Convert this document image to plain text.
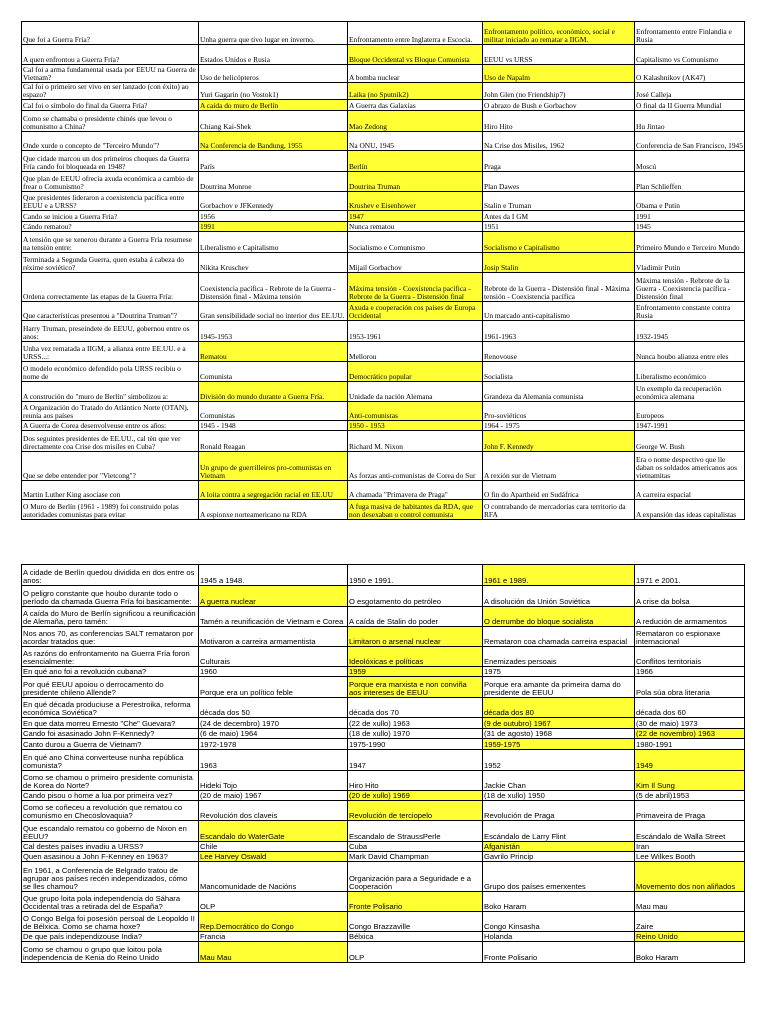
Que foi a Guerra Fría?	Unha guerra que tivo lugar en inverno.	Enfrontamento entre Inglaterra e Escocia.	Enfrontamento político, económico, social e militar iniciado ao rematar a IIGM.	Enfrontamento entre Finlandia e Rusia
A quen enfrontou a Guerra Fría?	Estados Unidos e Rusia	Bloque Occidental vs Bloque Comunista	EEUU vs URSS	Capitalismo vs Comunismo
Cal foi a arma fundamental usada por EEUU na Guerra de Vietnam?	Uso de helicópteros	A bomba nuclear	Uso de Napalm	O Kalashnikov (AK47)
Cal foi o primeiro ser vivo en ser lanzado (con éxito) ao espazo?	Yuri Gagarin (no Vostok1)	Laika (no Sputnik2)	John Glen (no Friendship7)	José Calleja
Cal foi o símbolo do final da Guerra Fría?	A caída do muro de Berlín	A Guerra das Galaxias	O abrazo de Bush e Gorbachov	O final da II Guerra Mundial
Como se chamaba o presidente chinés que levou o comunismo a China?	Chiang Kai-Shek	Mao Zedong	Hiro Hito	Hu Jintao
Onde xurde o concepto de "Terceiro Mundo"?	Na Conferencia de Bandung, 1955	Na ONU, 1945	Na Crise dos Misiles, 1962	Conferencia de San Francisco, 1945
Que cidade marcou un dos primeiros choques da Guerra Fría cando foi bloqueada en 1948?	París	Berlín	Praga	Moscú
Que plan de EEUU ofrecía axuda económica a cambio de frear o Comunismo?	Doutrina Monroe	Doutrina Truman	Plan Dawes	Plan Schlieffen
Que presidentes lideraron a coexistencia pacífica entre EEUU e a URSS?	Gorbachov e JFKennedy	Krushev e Eisenhower	Stalin e Truman	Obama e Putin
Cando se iniciou a Guerra Fría?	1956	1947	Antes da I GM	1991
Cándo rematou?	1991	Nunca rematou	1951	1945
A tensión que se xenerou durante a Guerra Fría resumese na tensión entre:	Liberalismo e Capitalismo	Socialismo e Comunismo	Socialismo e Capitalismo	Primeiro Mundo e Terceiro Mundo
Terminada a Segunda Guerra, quen estaba á cabeza do réxime soviético?	Nikita Kruschev	Mijail Gorbachov	Josip Stalin	Vladimir Putin
Ordena correctamente las etapas de la Guerra Fría:	Coexistencia pacífica - Rebrote de la Guerra - Distensión final - Máxima tensión	Máxima tensión - Coexistencia pacífica - Rebrote de la Guerra - Distensión final	Rebrote de la Guerra - Distensión final - Máxima tensión - Coexistencia pacífica	Máxima tensión - Rebrote de la Guerra - Coexistencia pacífica - Distensión final
Que características presentou a "Doutrina Truman"?	Gran sensibilidade social no interior dos EE.UU.	Axuda e cooperación cos países de Europa Occidental	Un marcado anti-capitalismo	Enfrontamento constante contra Rusia
Harry Truman, preseindete de EEUU, gobernou entre os anos:	1945-1953	1953-1961	1961-1963	1932-1945
Unha vez rematada a IIGM, a alianza entre EE.UU. e a URSS...:	Rematou	Mellorou	Renovouse	Nunca houbo alianza entre eles
O modelo económico defendido pola URSS recibiu o nome de	Comunista	Democrático popular	Socialista	Liberalismo económico
A construción do "muro de Berlín" simbolizou a:	División do mundo durante a Guerra Fría.	Unidade da nación Alemana	Grandeza da Alemania comunista	Un exemplo da recuperación económica alemana
A Organización do Tratado do Atlántico Norte (OTAN), reunía aos países	Comunistas	Anti-comunistas	Pro-soviéticos	Europeos
A Guerra de Corea desenvolveuse entre os años:	1945 - 1948	1950 - 1953	1964 - 1975	1947-1991
Dos seguintes presidentes de EE.UU., cal tèn que ver directamente coa Crise dos misiles en Cuba?	Ronald Reagan	Richard M. Nixon	John F. Kennedy	George W. Bush
Que se debe entender por "Vietcong"?	Un grupo de guerrilleiros pro-comunistas en Vietnam	As forzas anti-comunistas de Corea do Sur	A rexión sur de Vietnam	Era o nome despectivo que lle daban os soldados americanos aos vietnamitas
Martin Luther King asociase con	A loita contra a segregación racial en EE.UU	A chamada "Primavera de Praga"	O fin do Apartheid en Sudáfrica	A carreira espacial
O Muro de Berlín (1961 - 1989) foi construido polas autoridades comunistas para evitar	A espionxe norteamericano na RDA	A fuga masiva de habitantes da RDA, que non desexaban o control comunista	O contrabando de mercadorías cara territorio da RFA	A expansión das ideas capitalistas
A cidade de Berlín quedou dividida en dos entre os anos:	1945 a 1948.	1950 e 1991.	1961 e 1989.	1971 e 2001.
O peligro constante que houbo durante todo o período da chamada Guerra Fría foi basicamente:	A guerra nuclear	O esgotamento do petróleo	A disolución da Unión Soviética	A crise da bolsa
A caída do Muro de Berlín significou a reunificación de Alemaña, pero tamén:	Tamén a reunificación de Vietnam e Corea	A caída de Stalin do poder	O derrumbe do bloque socialista	A redución de armamentos
Nos anos 70, as conferencias SALT remataron por acordar tratados que:	Motivaron a carreira armamentista	Limitaron o arsenal nuclear	Remataron coa chamada carreira espacial	Remataron co espionaxe internacional
As razóns do enfrontamento na Guerra Fría foron esencialmente:	Culturais	Ideolóxicas e políticas	Enemizades persoais	Conflitos territoriais
En qué ano foi a revolución cubana?	1960	1959	1975	1966
Por qué EEUU apoiou o derrocamento do presidente chileno Allende?	Porque era un político feble	Porque era marxista e non conviña aos intereses de EEUU	Porque era amante da primeira dama do presidente de EEUU	Pola súa obra literaria
En qué década produciuse a Perestroika, reforma económica Soviética?	década dos 50	década dos 70	década dos 80	década dos 60
En que data morreu Ernesto "Che" Guevara?	(24 de decembro) 1970	(22 de xullo) 1963	(9 de outubro) 1967	(30 de maio) 1973
Cando foi asasinado John F-Kennedy?	(6 de maio) 1964	(18 de xullo) 1970	(31 de agosto) 1968	(22 de novembro) 1963
Canto durou a Guerra de Vietnam?	1972-1978	1975-1990	1959-1975	1980-1991
En qué ano China converteuse nunha república comunista?	1963	1947	1952	1949
Como se chamou o primeiro presidente comunista de Korea do Norte?	Hideki Tojo	Hiro Hito	Jackie Chan	Kim Il Sung
Cando pisou o home a lua por primeira vez?	(20 de maio) 1967	(20 de xullo) 1969	(18 de xullo) 1950	(5 de abril)1953
Como se coñeceu a revolución que rematou co comunismo en Checoslovaquia?	Revolución dos claveis	Revolución de terciopelo	Revolución de Praga	Primaveira de Praga
Que escandalo rematou co goberno de Nixon en EEUU?	Escandalo do WaterGate	Escandalo de StraussPerle	Escándalo de Larry Flint	Escándalo de Walla Street
Cal destes países invadiu a URSS?	Chile	Cuba	Afganistán	Iran
Quen asasinou a John F-Kenney en 1963?	Lee Harvey Oswald	Mark David Champman	Gavrilo Princip	Lee Wilkes Booth
En 1961, a Conferencia de Belgrado tratou de agrupar aos países recén independizados, cómo se lles chamou?	Mancomunidade de Nacións	Organización para a Seguridade e a Cooperación	Grupo dos países emerxentes	Movemento dos non aliñados
Que grupo loita pola independencia do Sáhara Occidental tras a retirada del de España?	OLP	Fronte Polisario	Boko Haram	Mau mau
O Congo Belga foi posesión persoal de Leopoldo II de Bélxica. Como se chama hoxe?	Rep.Democrático do Congo	Congo Brazzaville	Congo Kinsasha	Zaire
De que país independizouse India?	Francia	Bélxica	Holanda	Reino Unido
Como se chamou o grupo que loitou pola independencia de Kenia do Reino Unido	Mau Mau	OLP	Fronte Polisario	Boko Haram
